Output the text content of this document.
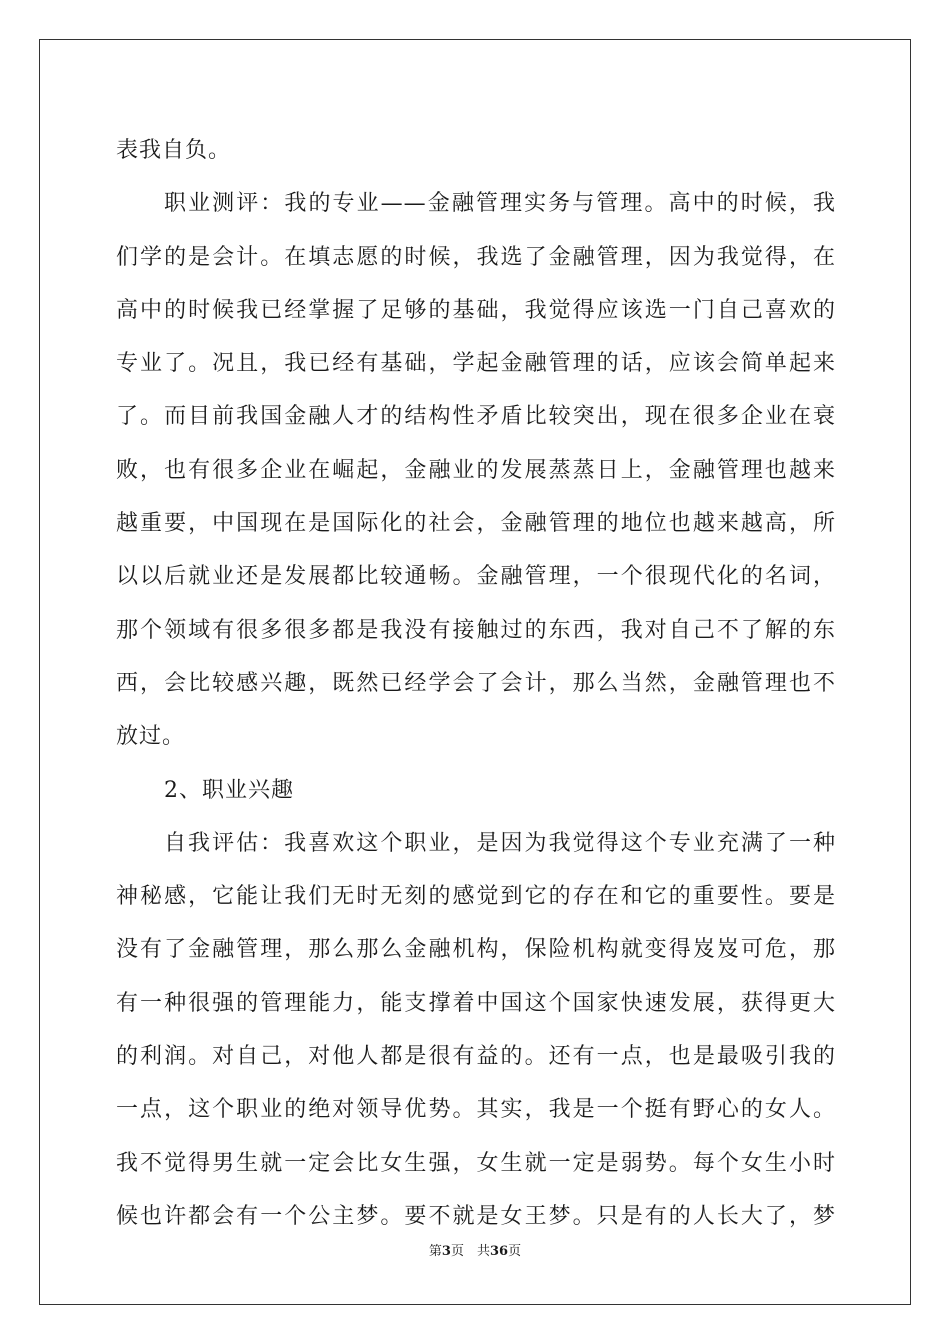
表我自负。
职业测评：我的专业——金融管理实务与管理。高中的时候，我
们学的是会计。在填志愿的时候，我选了金融管理，因为我觉得，在
高中的时候我已经掌握了足够的基础，我觉得应该选一门自己喜欢的
专业了。况且，我已经有基础，学起金融管理的话，应该会简单起来
了。而目前我国金融人才的结构性矛盾比较突出，现在很多企业在衰
败，也有很多企业在崛起，金融业的发展蒸蒸日上，金融管理也越来
越重要，中国现在是国际化的社会，金融管理的地位也越来越高，所
以以后就业还是发展都比较通畅。金融管理，一个很现代化的名词，
那个领域有很多很多都是我没有接触过的东西，我对自己不了解的东
西，会比较感兴趣，既然已经学会了会计，那么当然，金融管理也不
放过。
2、职业兴趣
自我评估：我喜欢这个职业，是因为我觉得这个专业充满了一种
神秘感，它能让我们无时无刻的感觉到它的存在和它的重要性。要是
没有了金融管理，那么那么金融机构，保险机构就变得岌岌可危，那
有一种很强的管理能力，能支撑着中国这个国家快速发展，获得更大
的利润。对自己，对他人都是很有益的。还有一点，也是最吸引我的
一点，这个职业的绝对领导优势。其实，我是一个挺有野心的女人。
我不觉得男生就一定会比女生强，女生就一定是弱势。每个女生小时
候也许都会有一个公主梦。要不就是女王梦。只是有的人长大了，梦
第3页　共36页
